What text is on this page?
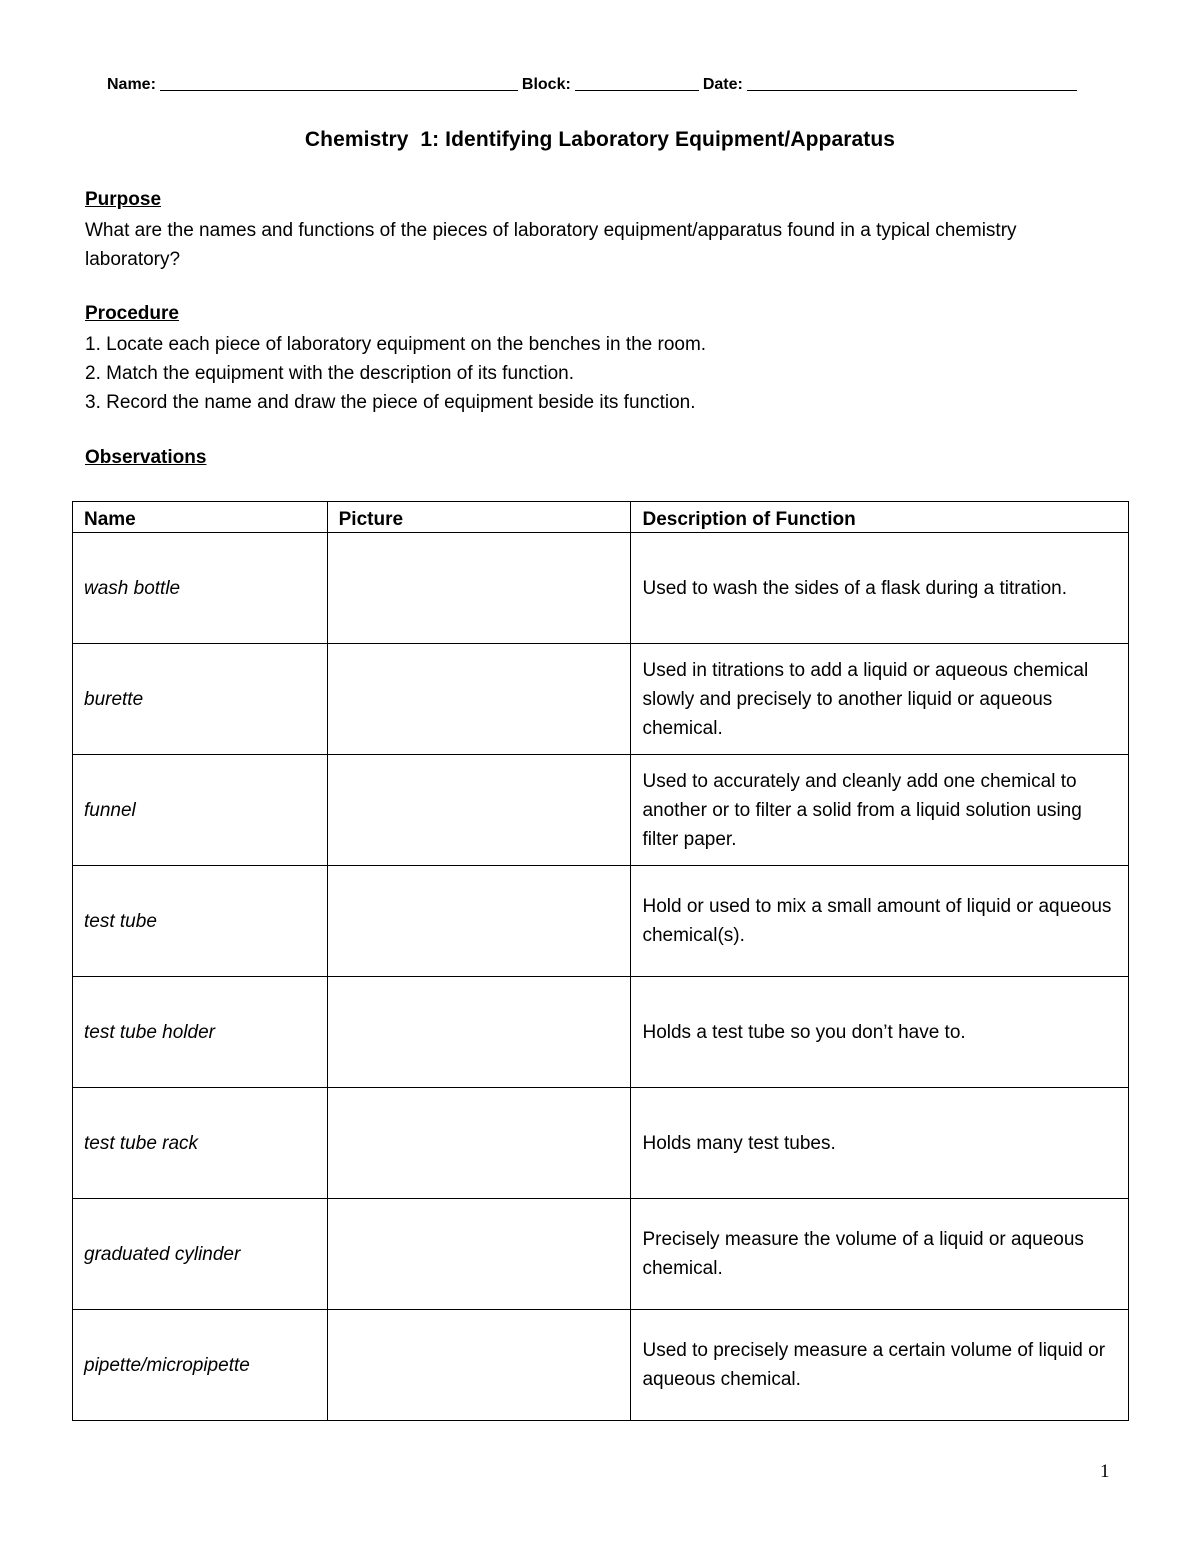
Name:	Block:	Date:
Chemistry  1: Identifying Laboratory Equipment/Apparatus
Purpose
What are the names and functions of the pieces of laboratory equipment/apparatus found in a typical chemistry laboratory?
Procedure
1. Locate each piece of laboratory equipment on the benches in the room.
2. Match the equipment with the description of its function.
3. Record the name and draw the piece of equipment beside its function.
Observations
Name	Picture	Description of Function
wash bottle		Used to wash the sides of a flask during a titration.
burette		Used in titrations to add a liquid or aqueous chemical slowly and precisely to another liquid or aqueous chemical.
funnel		Used to accurately and cleanly add one chemical to another or to filter a solid from a liquid solution using filter paper.
test tube		Hold or used to mix a small amount of liquid or aqueous chemical(s).
test tube holder		Holds a test tube so you don’t have to.
test tube rack		Holds many test tubes.
graduated cylinder		Precisely measure the volume of a liquid or aqueous chemical.
pipette/micropipette		Used to precisely measure a certain volume of liquid or aqueous chemical.
1
